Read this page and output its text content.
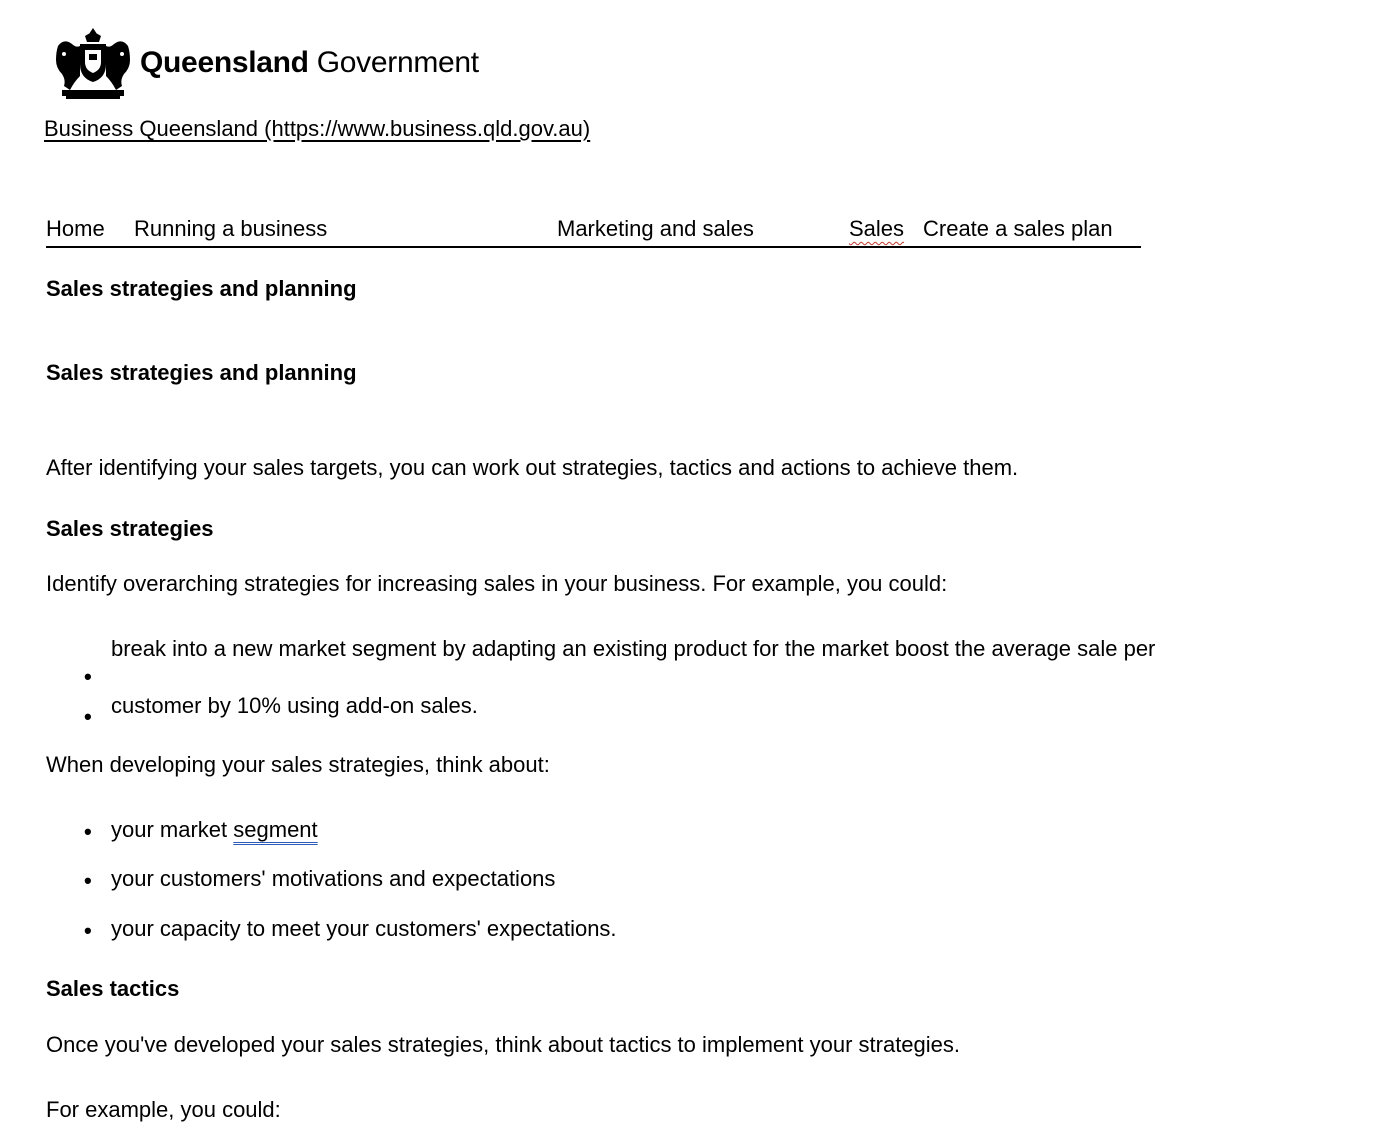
Queensland Government
Business Queensland (https://www.business.qld.gov.au)
Home Running a business	Marketing and sales	Sales Create a sales plan
Sales strategies and planning
Sales strategies and planning
After identifying your sales targets, you can work out strategies, tactics and actions to achieve them.
Sales strategies
Identify overarching strategies for increasing sales in your business. For example, you could:
•
break into a new market segment by adapting an existing product for the market boost the average sale per
• customer by 10% using add-on sales.
When developing your sales strategies, think about:
• your market segment
• your customers' motivations and expectations
• your capacity to meet your customers' expectations.
Sales tactics
Once you've developed your sales strategies, think about tactics to implement your strategies.
For example, you could:
